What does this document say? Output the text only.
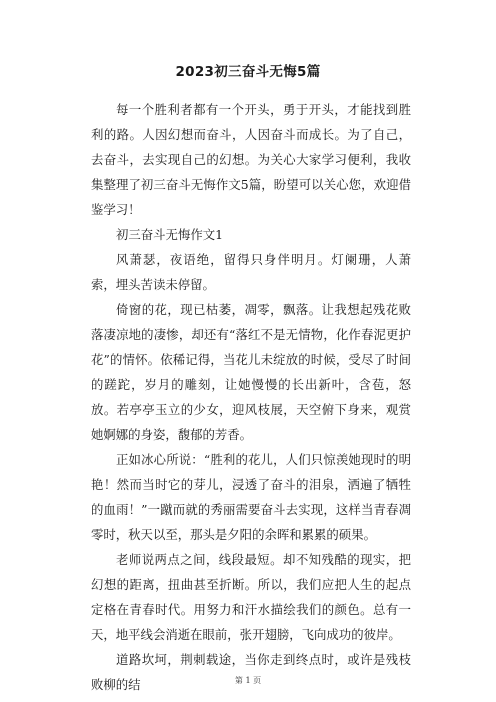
2023初三奋斗无悔5篇

每一个胜利者都有一个开头，勇于开头，才能找到胜利的路。人因幻想而奋斗，人因奋斗而成长。为了自己，去奋斗，去实现自己的幻想。为关心大家学习便利，我收集整理了初三奋斗无悔作文5篇，盼望可以关心您，欢迎借鉴学习！

初三奋斗无悔作文1

风萧瑟，夜语绝，留得只身伴明月。灯阑珊，人萧索，埋头苦读未停留。

倚窗的花，现已枯萎，凋零，飘落。让我想起残花败落凄凉地的凄惨，却还有“落红不是无情物，化作春泥更护花”的情怀。依稀记得，当花儿未绽放的时候，受尽了时间的蹉跎，岁月的雕刻，让她慢慢的长出新叶，含苞，怒放。若亭亭玉立的少女，迎风枝展，天空俯下身来，观赏她婀娜的身姿，馥郁的芳香。

正如冰心所说：“胜利的花儿，人们只惊羡她现时的明艳！然而当时它的芽儿，浸透了奋斗的泪泉，洒遍了牺牲的血雨！”一蹴而就的秀丽需要奋斗去实现，这样当青春凋零时，秋天以至，那头是夕阳的余晖和累累的硕果。

老师说两点之间，线段最短。却不知残酷的现实，把幻想的距离，扭曲甚至折断。所以，我们应把人生的起点定格在青春时代。用努力和汗水描绘我们的颜色。总有一天，地平线会消逝在眼前，张开翅膀，飞向成功的彼岸。

道路坎坷，荆刺载途，当你走到终点时，或许是残枝败柳的结	第 1 页
